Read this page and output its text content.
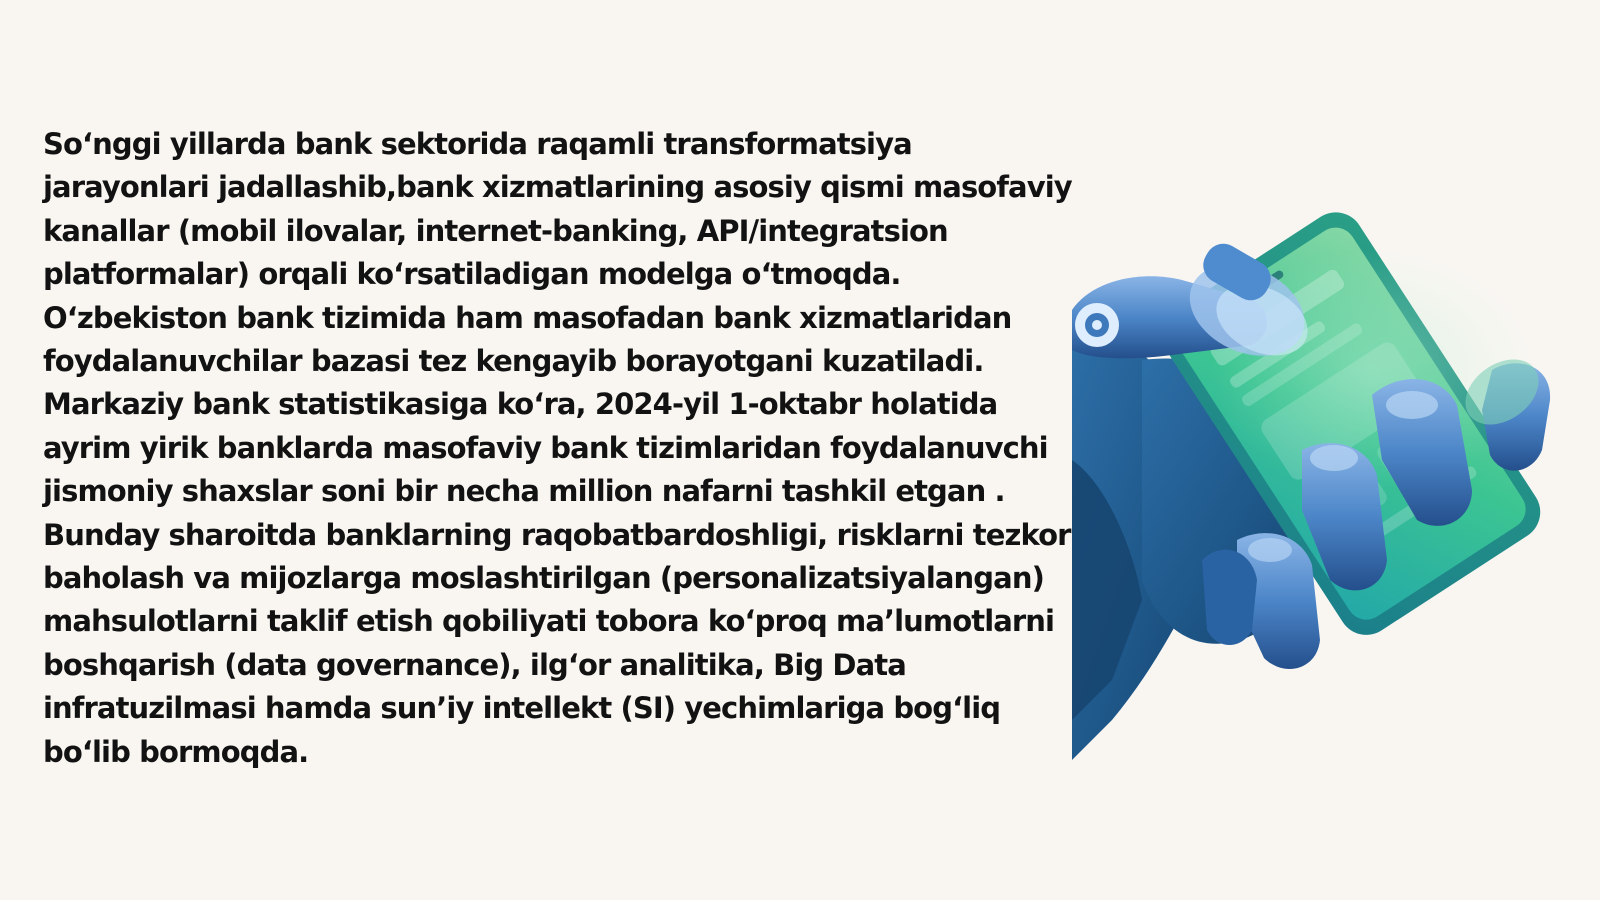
So‘nggi yillarda bank sektorida raqamli transformatsiya
jarayonlari jadallashib,bank xizmatlarining asosiy qismi masofaviy
kanallar (mobil ilovalar, internet-banking, API/integratsion
platformalar) orqali ko‘rsatiladigan modelga o‘tmoqda.
O‘zbekiston bank tizimida ham masofadan bank xizmatlaridan
foydalanuvchilar bazasi tez kengayib borayotgani kuzatiladi.
Markaziy bank statistikasiga ko‘ra, 2024-yil 1-oktabr holatida
ayrim yirik banklarda masofaviy bank tizimlaridan foydalanuvchi
jismoniy shaxslar soni bir necha million nafarni tashkil etgan .
Bunday sharoitda banklarning raqobatbardoshligi, risklarni tezkor
baholash va mijozlarga moslashtirilgan (personalizatsiyalangan)
mahsulotlarni taklif etish qobiliyati tobora ko‘proq ma’lumotlarni
boshqarish (data governance), ilg‘or analitika, Big Data
infratuzilmasi hamda sun’iy intellekt (SI) yechimlariga bog‘liq
bo‘lib bormoqda.
